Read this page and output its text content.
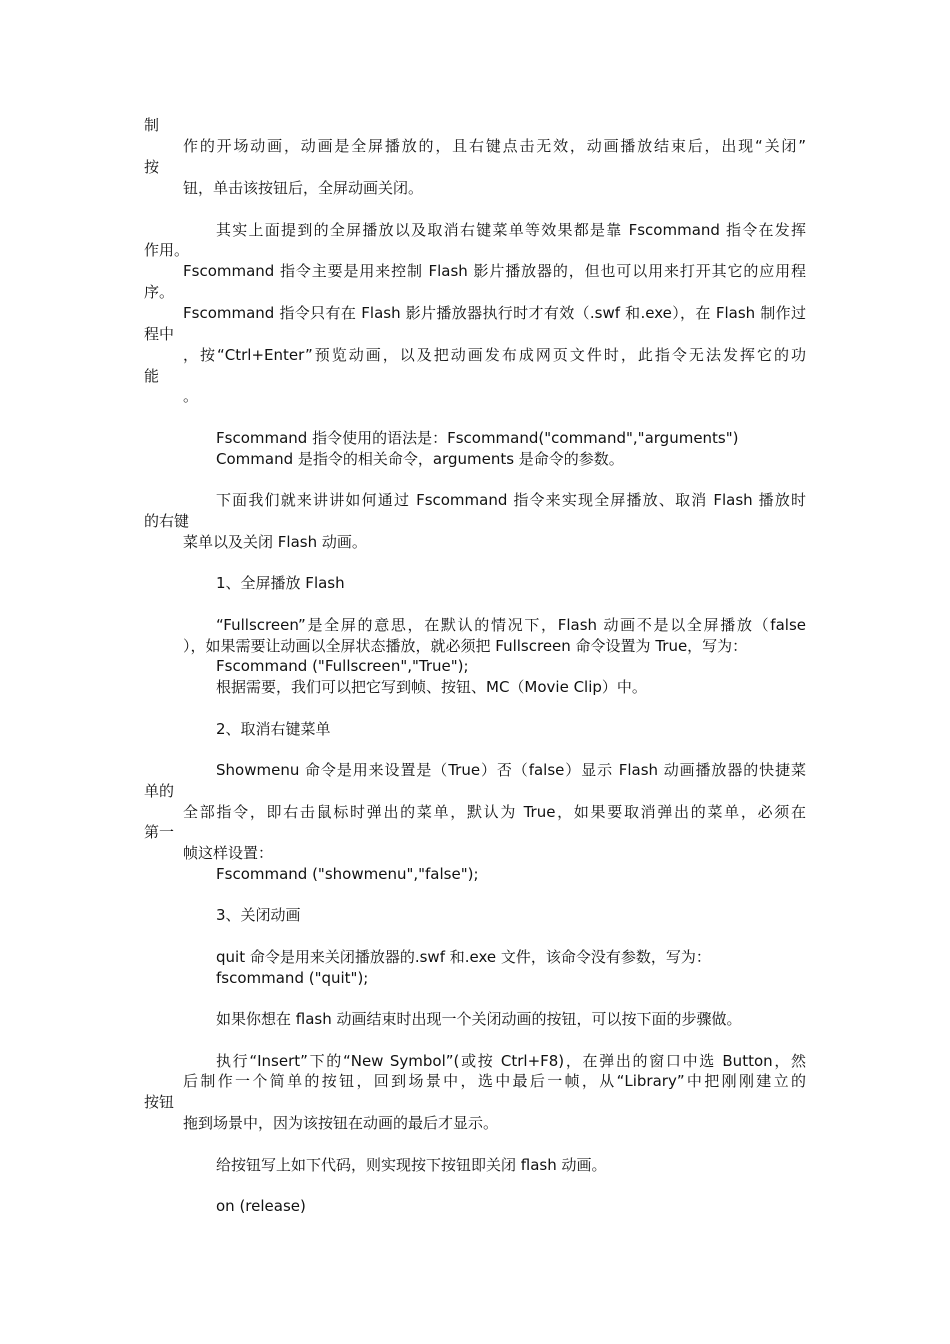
制
作的开场动画，动画是全屏播放的，且右键点击无效，动画播放结束后，出现“关闭”
按
钮，单击该按钮后，全屏动画关闭。
其实上面提到的全屏播放以及取消右键菜单等效果都是靠 Fscommand 指令在发挥
作用。
Fscommand 指令主要是用来控制 Flash 影片播放器的，但也可以用来打开其它的应用程
序。
Fscommand 指令只有在 Flash 影片播放器执行时才有效（.swf 和.exe），在 Flash 制作过
程中
，按“Ctrl+Enter”预览动画，以及把动画发布成网页文件时，此指令无法发挥它的功
能
。
Fscommand 指令使用的语法是：Fscommand("command","arguments")
Command 是指令的相关命令，arguments 是命令的参数。
下面我们就来讲讲如何通过 Fscommand 指令来实现全屏播放、取消 Flash 播放时
的右键
菜单以及关闭 Flash 动画。
1、全屏播放 Flash
“Fullscreen”是全屏的意思，在默认的情况下，Flash 动画不是以全屏播放（false
），如果需要让动画以全屏状态播放，就必须把 Fullscreen 命令设置为 True，写为：
Fscommand ("Fullscreen","True");
根据需要，我们可以把它写到帧、按钮、MC（Movie Clip）中。
2、取消右键菜单
Showmenu 命令是用来设置是（True）否（false）显示 Flash 动画播放器的快捷菜
单的
全部指令，即右击鼠标时弹出的菜单，默认为 True，如果要取消弹出的菜单，必须在
第一
帧这样设置：
Fscommand ("showmenu","false");
3、关闭动画
quit 命令是用来关闭播放器的.swf 和.exe 文件，该命令没有参数，写为：
fscommand ("quit");
如果你想在 flash 动画结束时出现一个关闭动画的按钮，可以按下面的步骤做。
执行“Insert”下的“New Symbol”(或按 Ctrl+F8)，在弹出的窗口中选 Button，然
后制作一个简单的按钮，回到场景中，选中最后一帧，从“Library”中把刚刚建立的
按钮
拖到场景中，因为该按钮在动画的最后才显示。
给按钮写上如下代码，则实现按下按钮即关闭 flash 动画。
on (release)
